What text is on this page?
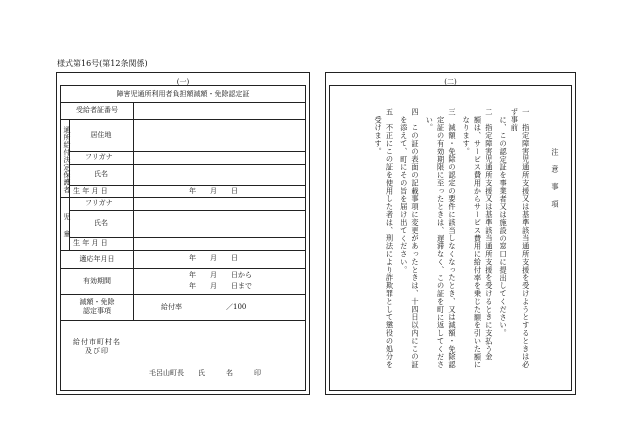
様式第16号(第12条関係)
(一)
障害児通所利用者負担額減額・免除認定証
受給者証番号
通所給付決定保護者	居住地
フリガナ
氏名
生 年 月 日	年　　月　　日
児童
フリガナ
氏名
生 年 月 日
適応年月日	年　　月　　日
有効期間
年　　月　　日から
年　　月　　日まで
減額・免除
認定事項	給付率	／100
給付市町村名
及び印
毛呂山町長　　氏　　　名　　　印
(二)
注　意　事　項
一　指定障害児通所支援又は基準該当通所支援を受けようとするときは必ず事前
に、この認定証を事業者又は施設の窓口に提出してください。
二　指定障害児通所支援又は基準該当通所支援を受けるときに支払う金
額は、サービス費用からサービス費用に給付率を乗じた額を引いた額に
なります。
三　減額・免除の認定の要件に該当しなくなったとき、又は減額・免除認
定証の有効期限に至ったときは、遅滞なく、この証を町に返してくださ
い。
四　この証の表面の記載事項に変更があったときは、十四日以内にこの証
を添えて、町にその旨を届け出てください。
五　不正にこの証を使用した者は、刑法により詐欺罪として懲役の処分を
受けます。
